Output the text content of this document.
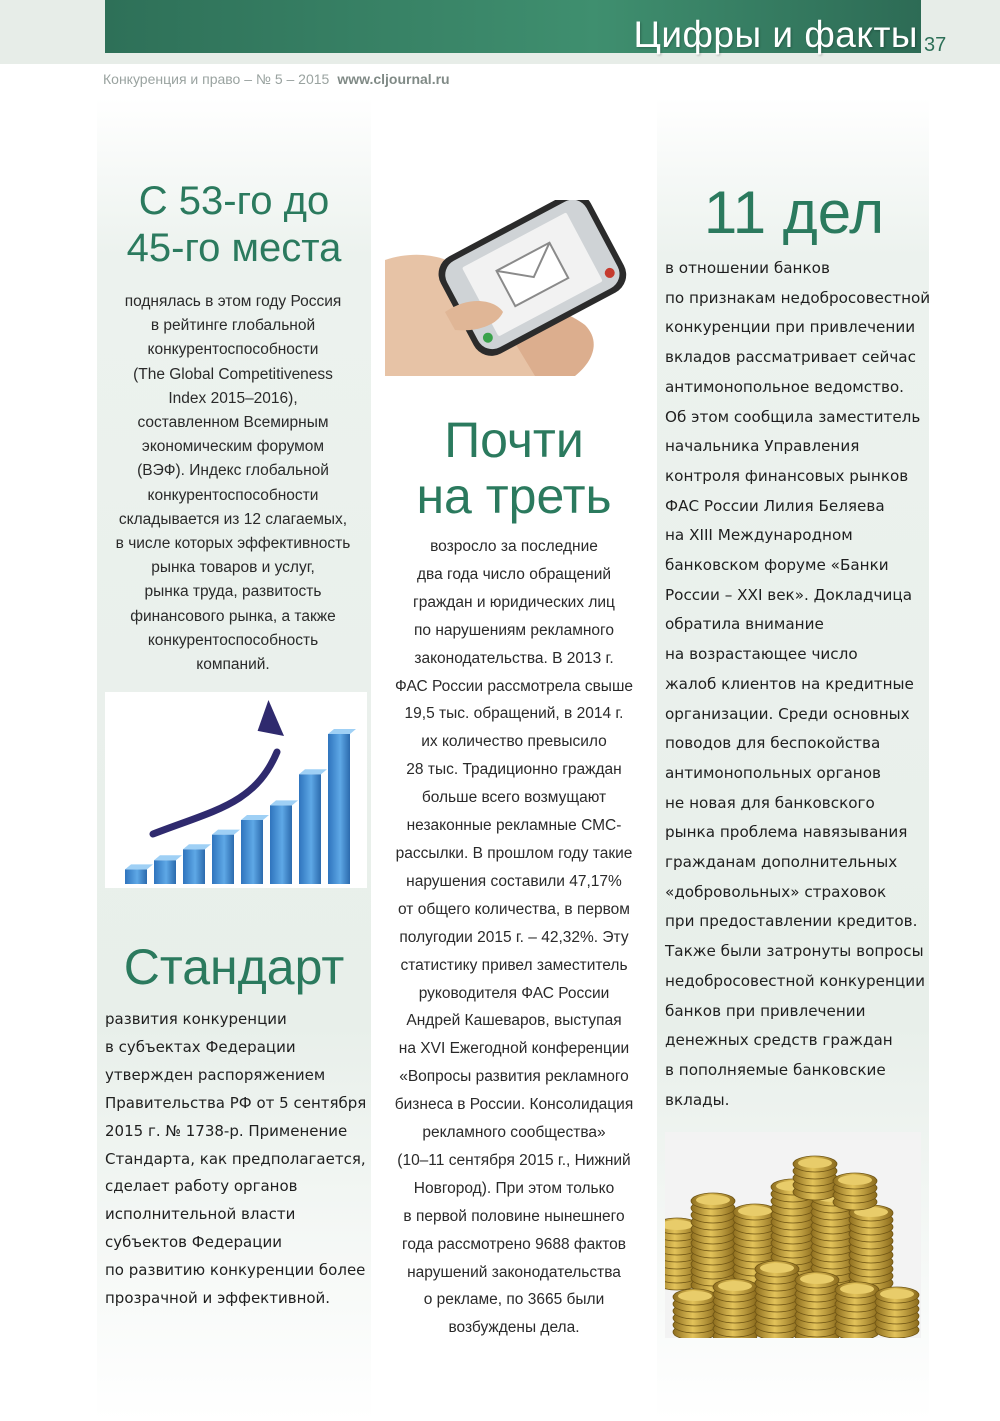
Цифры и факты 37
Конкуренция и право – № 5 – 2015 www.cljournal.ru
С 53-го до
45-го места

поднялась в этом году Россия
в рейтинге глобальной
конкурентоспособности
(The Global Competitiveness
Index 2015–2016),
составленном Всемирным
экономическим форумом
(ВЭФ). Индекс глобальной
конкурентоспособности
складывается из 12 слагаемых,
в числе которых эффективность
рынка товаров и услуг,
рынка труда, развитость
финансового рынка, а также
конкурентоспособность
компаний.

Стандарт

развития конкуренции
в субъектах Федерации
утвержден распоряжением
Правительства РФ от 5 сентября
2015 г. № 1738-р. Применение
Стандарта, как предполагается,
сделает работу органов
исполнительной власти
субъектов Федерации
по развитию конкуренции более
прозрачной и эффективной.

Почти
на треть

возросло за последние
два года число обращений
граждан и юридических лиц
по нарушениям рекламного
законодательства. В 2013 г.
ФАС России рассмотрела свыше
19,5 тыс. обращений, в 2014 г.
их количество превысило
28 тыс. Традиционно граждан
больше всего возмущают
незаконные рекламные СМС-
рассылки. В прошлом году такие
нарушения составили 47,17%
от общего количества, в первом
полугодии 2015 г. – 42,32%. Эту
статистику привел заместитель
руководителя ФАС России
Андрей Кашеваров, выступая
на XVI Ежегодной конференции
«Вопросы развития рекламного
бизнеса в России. Консолидация
рекламного сообщества»
(10–11 сентября 2015 г., Нижний
Новгород). При этом только
в первой половине нынешнего
года рассмотрено 9688 фактов
нарушений законодательства
о рекламе, по 3665 были
возбуждены дела.

11 дел

в отношении банков
по признакам недобросовестной
конкуренции при привлечении
вкладов рассматривает сейчас
антимонопольное ведомство.
Об этом сообщила заместитель
начальника Управления
контроля финансовых рынков
ФАС России Лилия Беляева
на XIII Международном
банковском форуме «Банки
России – XXI век». Докладчица
обратила внимание
на возрастающее число
жалоб клиентов на кредитные
организации. Среди основных
поводов для беспокойства
антимонопольных органов
не новая для банковского
рынка проблема навязывания
гражданам дополнительных
«добровольных» страховок
при предоставлении кредитов.
Также были затронуты вопросы
недобросовестной конкуренции
банков при привлечении
денежных средств граждан
в пополняемые банковские
вклады.
